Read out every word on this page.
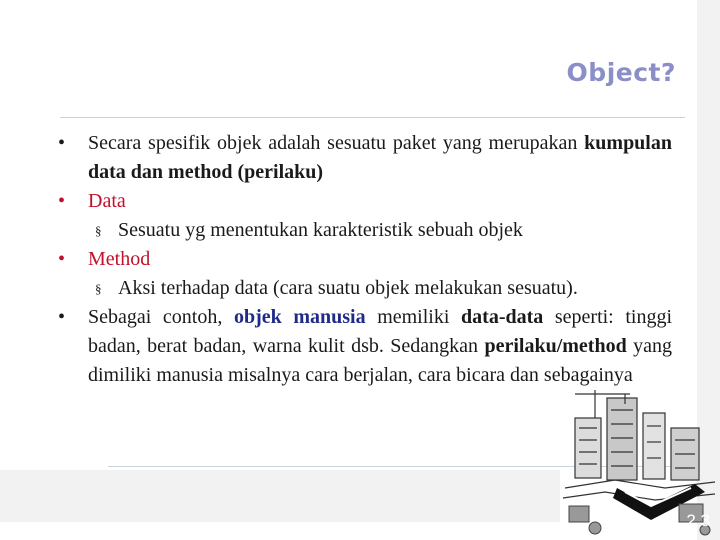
Object?
•	Secara spesifik objek adalah sesuatu paket yang merupakan kumpulan data dan method (perilaku)
•	Data
§ Sesuatu yg menentukan karakteristik sebuah objek
•	Method
§ Aksi terhadap data (cara suatu objek melakukan sesuatu).
•	Sebagai contoh, objek manusia memiliki data-data seperti: tinggi badan, berat badan, warna kulit dsb. Sedangkan perilaku/method yang dimiliki manusia misalnya cara berjalan, cara bicara dan sebagainya
2 3
